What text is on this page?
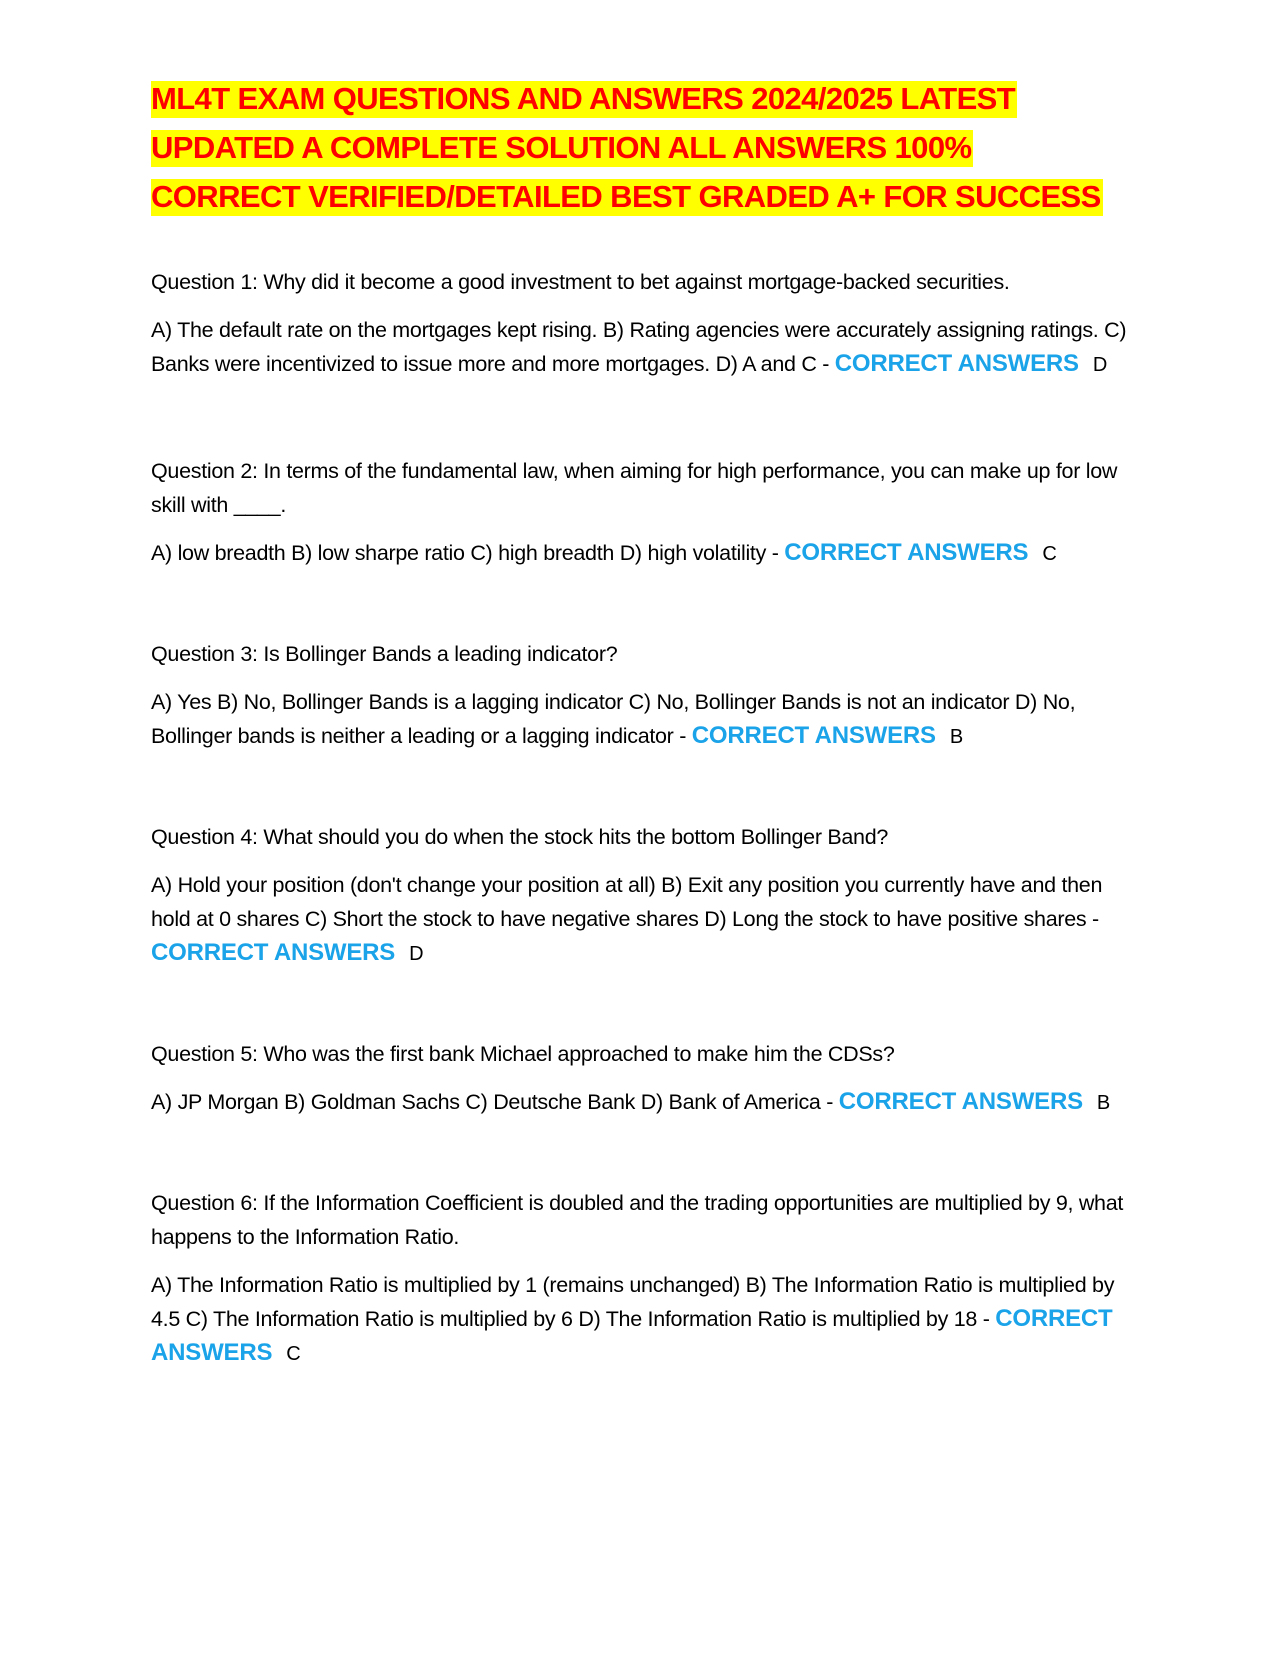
ML4T EXAM QUESTIONS AND ANSWERS 2024/2025 LATEST
UPDATED A COMPLETE SOLUTION ALL ANSWERS 100%
CORRECT VERIFIED/DETAILED BEST GRADED A+ FOR SUCCESS

Question 1: Why did it become a good investment to bet against mortgage-backed securities.

A) The default rate on the mortgages kept rising. B) Rating agencies were accurately assigning ratings. C) Banks were incentivized to issue more and more mortgages. D) A and C - CORRECT ANSWERS D

Question 2: In terms of the fundamental law, when aiming for high performance, you can make up for low skill with ____.

A) low breadth B) low sharpe ratio C) high breadth D) high volatility - CORRECT ANSWERS C

Question 3: Is Bollinger Bands a leading indicator?

A) Yes B) No, Bollinger Bands is a lagging indicator C) No, Bollinger Bands is not an indicator D) No, Bollinger bands is neither a leading or a lagging indicator - CORRECT ANSWERS B

Question 4: What should you do when the stock hits the bottom Bollinger Band?

A) Hold your position (don't change your position at all) B) Exit any position you currently have and then hold at 0 shares C) Short the stock to have negative shares D) Long the stock to have positive shares - CORRECT ANSWERS D

Question 5: Who was the first bank Michael approached to make him the CDSs?

A) JP Morgan B) Goldman Sachs C) Deutsche Bank D) Bank of America - CORRECT ANSWERS B

Question 6: If the Information Coefficient is doubled and the trading opportunities are multiplied by 9, what happens to the Information Ratio.

A) The Information Ratio is multiplied by 1 (remains unchanged) B) The Information Ratio is multiplied by 4.5 C) The Information Ratio is multiplied by 6 D) The Information Ratio is multiplied by 18 - CORRECT ANSWERS C
